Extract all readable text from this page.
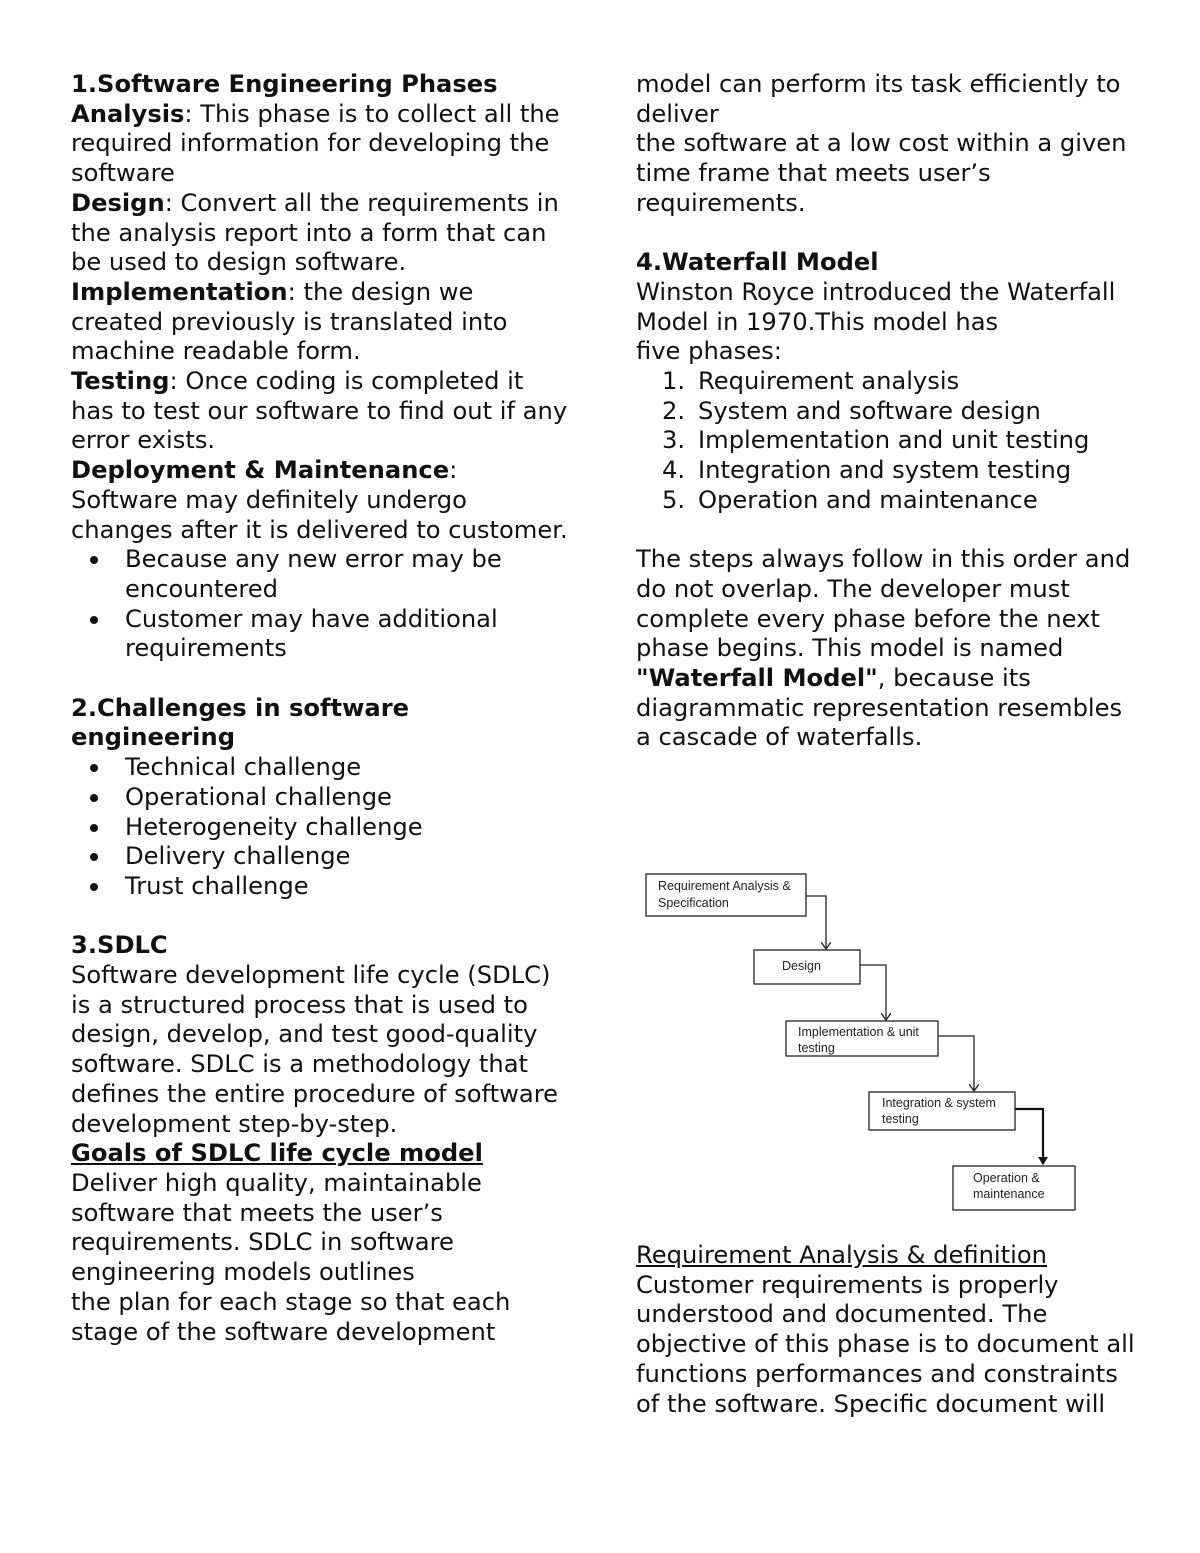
1.Software Engineering Phases

Analysis: This phase is to collect all the required information for developing the software

Design: Convert all the requirements in the analysis report into a form that can be used to design software.

Implementation: the design we created previously is translated into machine readable form.

Testing: Once coding is completed it has to test our software to find out if any error exists.

Deployment & Maintenance: Software may definitely undergo changes after it is delivered to customer.

Because any new error may be encountered
Customer may have additional requirements

2.Challenges in software engineering

Technical challenge
Operational challenge
Heterogeneity challenge
Delivery challenge
Trust challenge

3.SDLC

Software development life cycle (SDLC) is a structured process that is used to design, develop, and test good-quality

software. SDLC is a methodology that defines the entire procedure of software

development step-by-step.

Goals of SDLC life cycle model

Deliver high quality, maintainable software that meets the user’s requirements. SDLC in software engineering models outlines

the plan for each stage so that each stage of the software development

model can perform its task efficiently to deliver

the software at a low cost within a given time frame that meets user’s requirements.

4.Waterfall Model

Winston Royce introduced the Waterfall Model in 1970.This model has

five phases:

1. Requirement analysis
2. System and software design
3. Implementation and unit testing
4. Integration and system testing
5. Operation and maintenance

The steps always follow in this order and do not overlap. The developer must complete every phase before the next

phase begins. This model is named
"Waterfall Model", because its diagrammatic representation resembles

a cascade of waterfalls.

Requirement Analysis &
Specification
Design
Implementation & unit
testing
Integration & system
testing
Operation &
maintenance

Requirement Analysis & definition

Customer requirements is properly understood and documented. The objective of this phase is to document all

functions performances and constraints of the software. Specific document will
